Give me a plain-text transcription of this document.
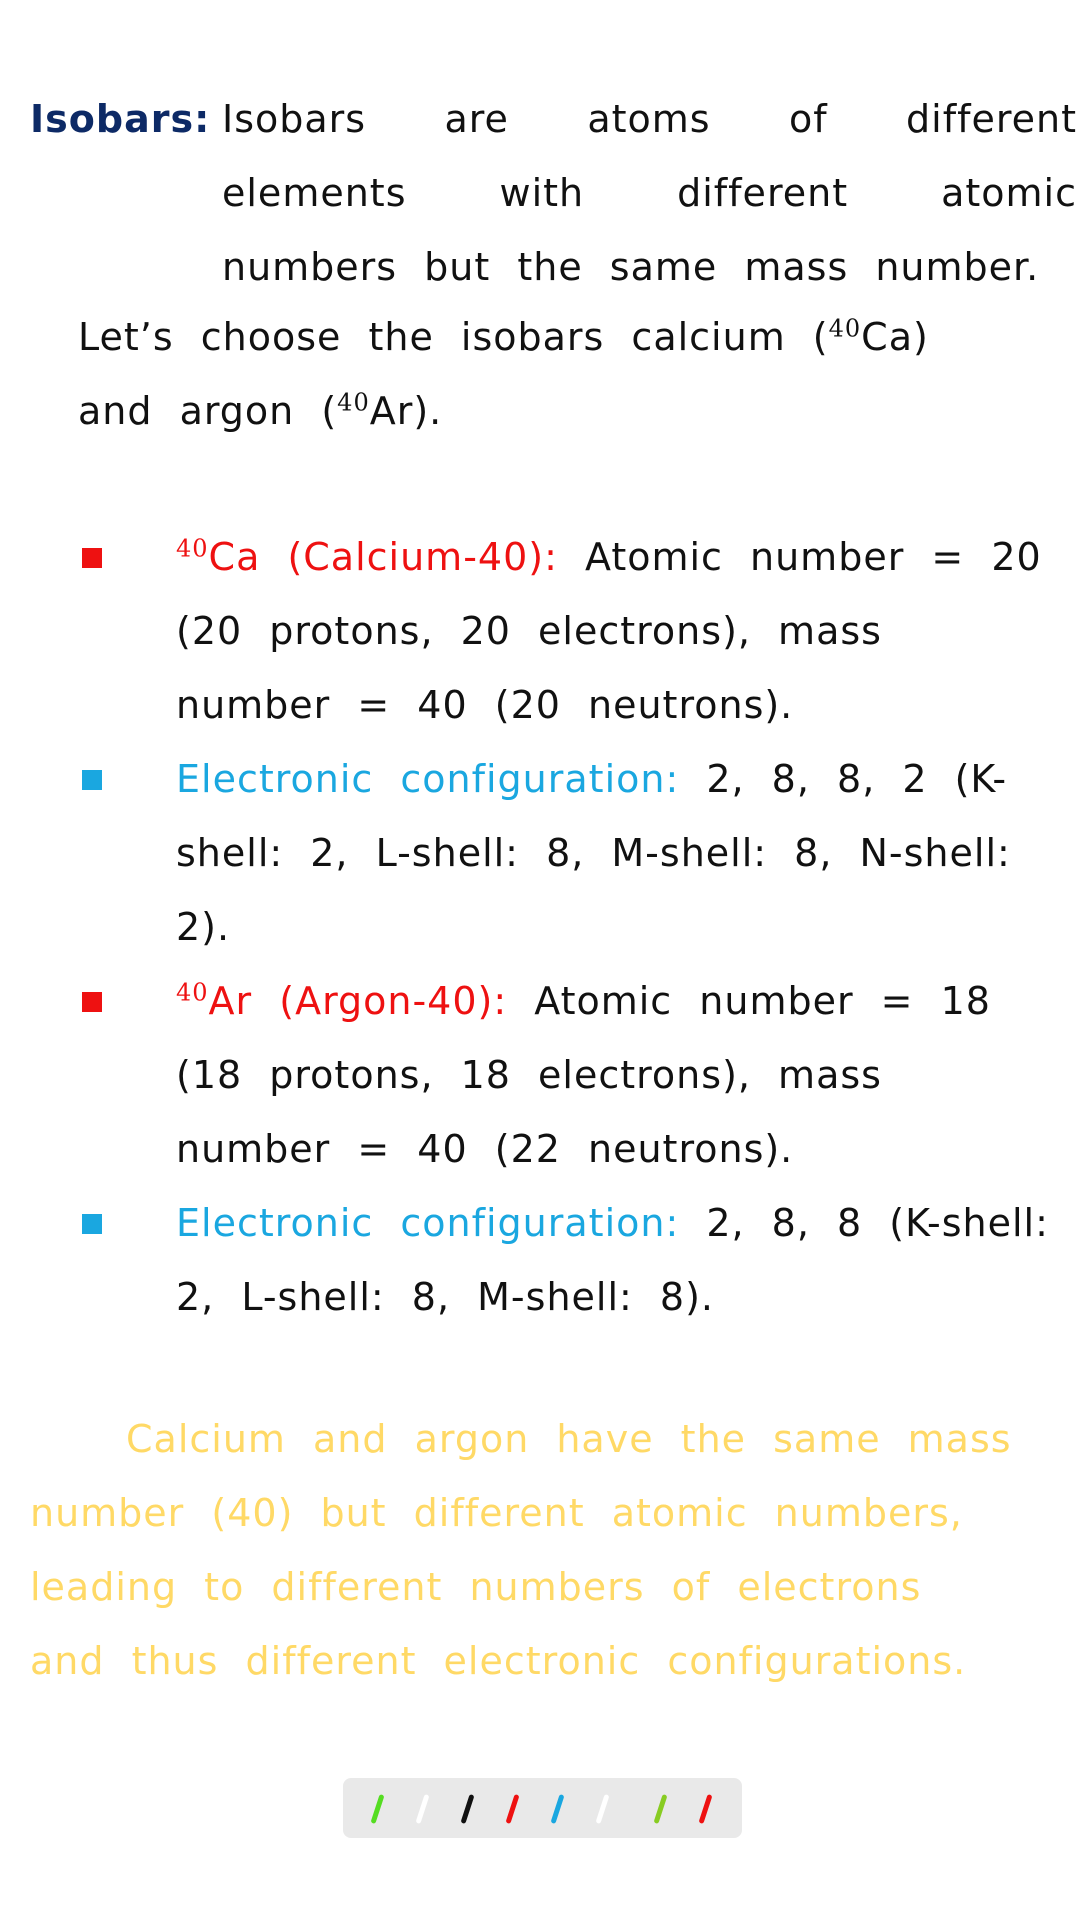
Isobars: Isobars are atoms of different elements with different atomic numbers but the same mass number.
Let’s choose the isobars calcium ($^{40}$Ca) and argon ($^{40}$Ar).
$^{40}$Ca (Calcium-40): Atomic number = 20 (20 protons, 20 electrons), mass number = 40 (20 neutrons).
Electronic configuration: 2, 8, 8, 2 (K-shell: 2, L-shell: 8, M-shell: 8, N-shell: 2).
$^{40}$Ar (Argon-40): Atomic number = 18 (18 protons, 18 electrons), mass number = 40 (22 neutrons).
Electronic configuration: 2, 8, 8 (K-shell: 2, L-shell: 8, M-shell: 8).
Calcium and argon have the same mass number (40) but different atomic numbers, leading to different numbers of electrons and thus different electronic configurations.
